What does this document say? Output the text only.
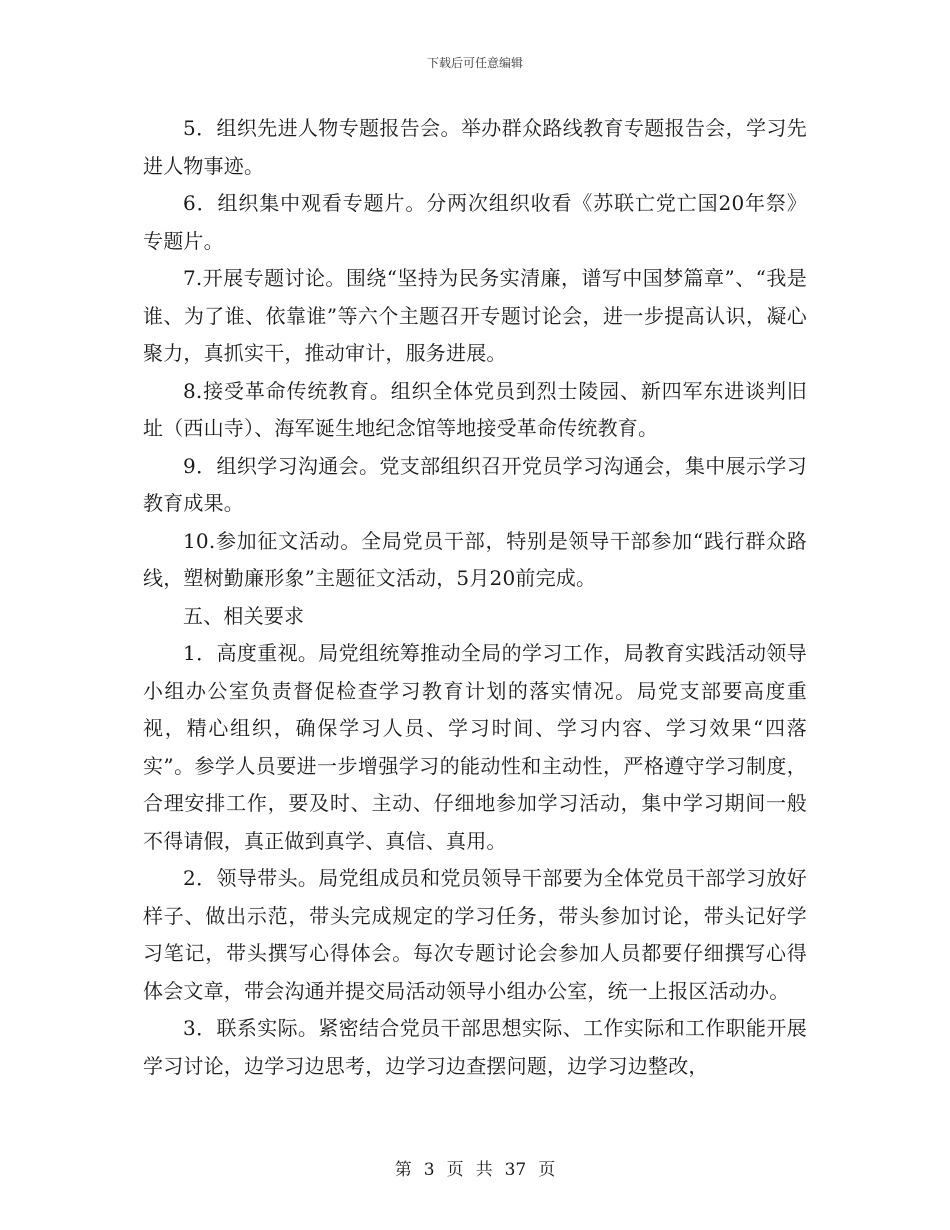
下载后可任意编辑

5．组织先进人物专题报告会。举办群众路线教育专题报告会，学习先进人物事迹。

6．组织集中观看专题片。分两次组织收看《苏联亡党亡国20年祭》专题片。

7.开展专题讨论。围绕“坚持为民务实清廉，谱写中国梦篇章”、“我是谁、为了谁、依靠谁”等六个主题召开专题讨论会，进一步提高认识，凝心聚力，真抓实干，推动审计，服务进展。

8.接受革命传统教育。组织全体党员到烈士陵园、新四军东进谈判旧址（西山寺）、海军诞生地纪念馆等地接受革命传统教育。

9．组织学习沟通会。党支部组织召开党员学习沟通会，集中展示学习教育成果。

10.参加征文活动。全局党员干部，特别是领导干部参加“践行群众路线，塑树勤廉形象”主题征文活动，5月20前完成。

五、相关要求

1．高度重视。局党组统筹推动全局的学习工作，局教育实践活动领导小组办公室负责督促检查学习教育计划的落实情况。局党支部要高度重视，精心组织，确保学习人员、学习时间、学习内容、学习效果“四落实”。参学人员要进一步增强学习的能动性和主动性，严格遵守学习制度，合理安排工作，要及时、主动、仔细地参加学习活动，集中学习期间一般不得请假，真正做到真学、真信、真用。

2．领导带头。局党组成员和党员领导干部要为全体党员干部学习放好样子、做出示范，带头完成规定的学习任务，带头参加讨论，带头记好学习笔记，带头撰写心得体会。每次专题讨论会参加人员都要仔细撰写心得体会文章，带会沟通并提交局活动领导小组办公室，统一上报区活动办。

3．联系实际。紧密结合党员干部思想实际、工作实际和工作职能开展学习讨论，边学习边思考，边学习边查摆问题，边学习边整改，

第 3 页 共 37 页
